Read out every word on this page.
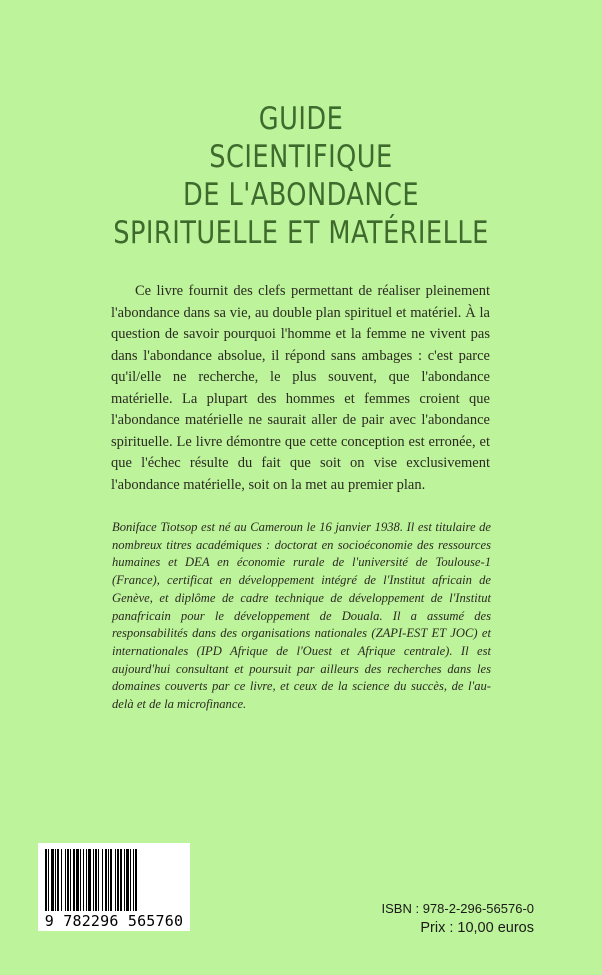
GUIDE
SCIENTIFIQUE
DE L'ABONDANCE
SPIRITUELLE ET MATÉRIELLE

Ce livre fournit des clefs permettant de réaliser pleinement l'abondance dans sa vie, au double plan spirituel et matériel. À la question de savoir pourquoi l'homme et la femme ne vivent pas dans l'abondance absolue, il répond sans ambages : c'est parce qu'il/elle ne recherche, le plus souvent, que l'abondance matérielle. La plupart des hommes et femmes croient que l'abondance matérielle ne saurait aller de pair avec l'abondance spirituelle. Le livre démontre que cette conception est erronée, et que l'échec résulte du fait que soit on vise exclusivement l'abondance matérielle, soit on la met au premier plan.

Boniface Tiotsop est né au Cameroun le 16 janvier 1938. Il est titulaire de nombreux titres académiques : doctorat en socioéconomie des ressources humaines et DEA en économie rurale de l'université de Toulouse-1 (France), certificat en développement intégré de l'Institut africain de Genève, et diplôme de cadre technique de développement de l'Institut panafricain pour le développement de Douala. Il a assumé des responsabilités dans des organisations nationales (ZAPI-EST ET JOC) et internationales (IPD Afrique de l'Ouest et Afrique centrale). Il est aujourd'hui consultant et poursuit par ailleurs des recherches dans les domaines couverts par ce livre, et ceux de la science du succès, de l'au-delà et de la microfinance.

9 782296 565760
ISBN : 978-2-296-56576-0
Prix : 10,00 euros
